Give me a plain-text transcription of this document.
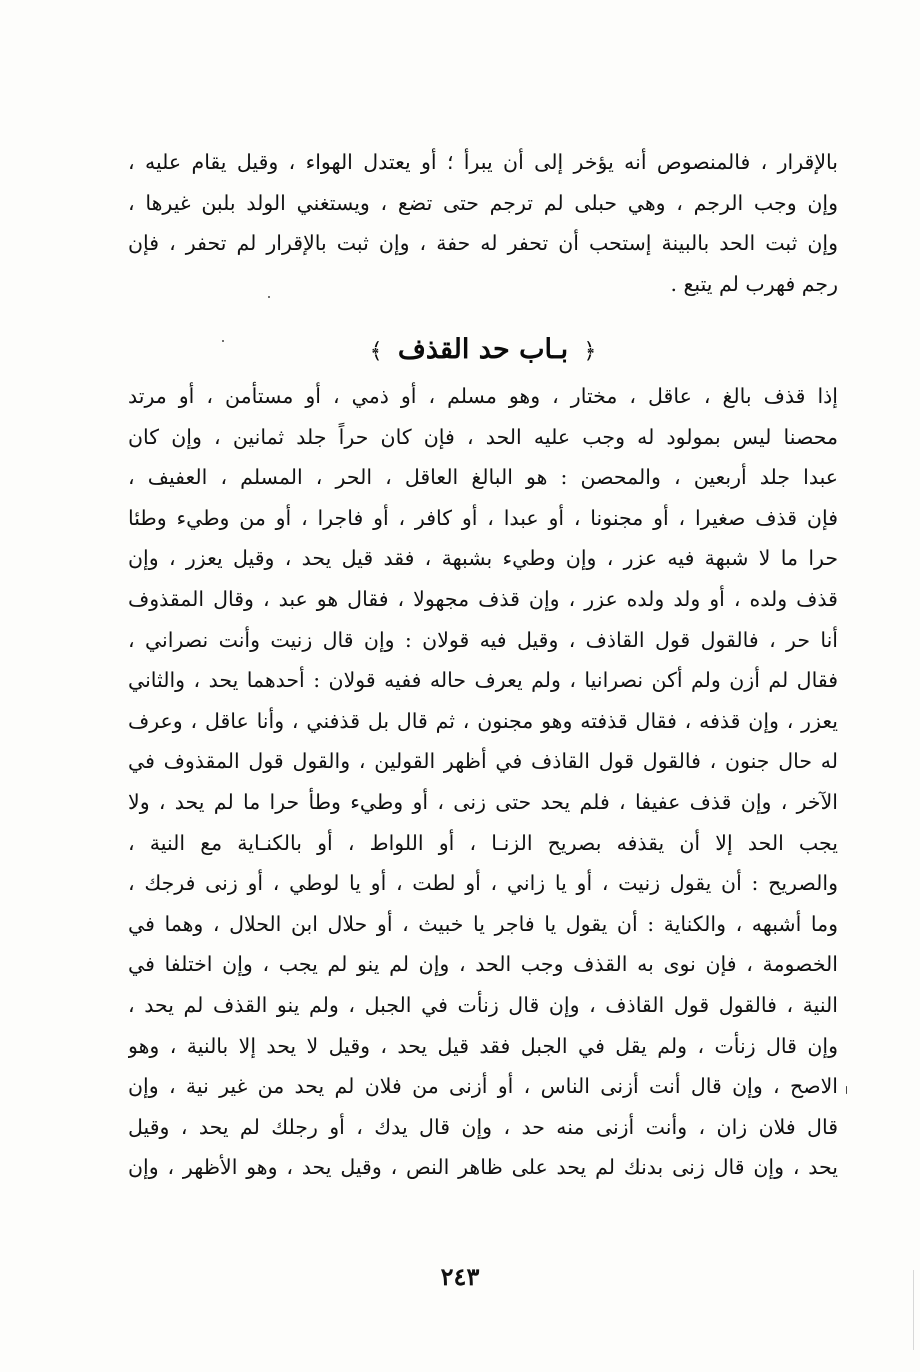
بالإقرار ، فالمنصوص أنه يؤخر إلى أن يبرأ ؛ أو يعتدل الهواء ، وقيل يقام عليه ،
وإن وجب الرجم ، وهي حبلى لم ترجم حتى تضع ، ويستغني الولد بلبن غيرها ،
وإن ثبت الحد بالبينة إستحب أن تحفر له حفة ، وإن ثبت بالإقرار لم تحفر ، فإن
رجم فهرب لم يتبع .
﴿ بـاب حد القذف ﴾
إذا قذف بالغ ، عاقل ، مختار ، وهو مسلم ، أو ذمي ، أو مستأمن ، أو مرتد
محصنا ليس بمولود له وجب عليه الحد ، فإن كان حراً جلد ثمانين ، وإن كان
عبدا جلد أربعين ، والمحصن : هو البالغ العاقل ، الحر ، المسلم ، العفيف ،
فإن قذف صغيرا ، أو مجنونا ، أو عبدا ، أو كافر ، أو فاجرا ، أو من وطيء وطئا
حرا ما لا شبهة فيه عزر ، وإن وطيء بشبهة ، فقد قيل يحد ، وقيل يعزر ، وإن
قذف ولده ، أو ولد ولده عزر ، وإن قذف مجهولا ، فقال هو عبد ، وقال المقذوف
أنا حر ، فالقول قول القاذف ، وقيل فيه قولان : وإن قال زنيت وأنت نصراني ،
فقال لم أزن ولم أكن نصرانيا ، ولم يعرف حاله ففيه قولان : أحدهما يحد ، والثاني
يعزر ، وإن قذفه ، فقال قذفته وهو مجنون ، ثم قال بل قذفني ، وأنا عاقل ، وعرف
له حال جنون ، فالقول قول القاذف في أظهر القولين ، والقول قول المقذوف في
الآخر ، وإن قذف عفيفا ، فلم يحد حتى زنى ، أو وطيء وطأ حرا ما لم يحد ، ولا
يجب الحد إلا أن يقذفه بصريح الزنـا ، أو اللواط ، أو بالكنـاية مع النية ،
والصريح : أن يقول زنيت ، أو يا زاني ، أو لطت ، أو يا لوطي ، أو زنى فرجك ،
وما أشبهه ، والكناية : أن يقول يا فاجر يا خبيث ، أو حلال ابن الحلال ، وهما في
الخصومة ، فإن نوى به القذف وجب الحد ، وإن لم ينو لم يجب ، وإن اختلفا في
النية ، فالقول قول القاذف ، وإن قال زنأت في الجبل ، ولم ينو القذف لم يحد ،
وإن قال زنأت ، ولم يقل في الجبل فقد قيل يحد ، وقيل لا يحد إلا بالنية ، وهو
الاصح ، وإن قال أنت أزنى الناس ، أو أزنى من فلان لم يحد من غير نية ، وإن
قال فلان زان ، وأنت أزنى منه حد ، وإن قال يدك ، أو رجلك لم يحد ، وقيل
يحد ، وإن قال زنى بدنك لم يحد على ظاهر النص ، وقيل يحد ، وهو الأظهر ، وإن
٢٤٣
